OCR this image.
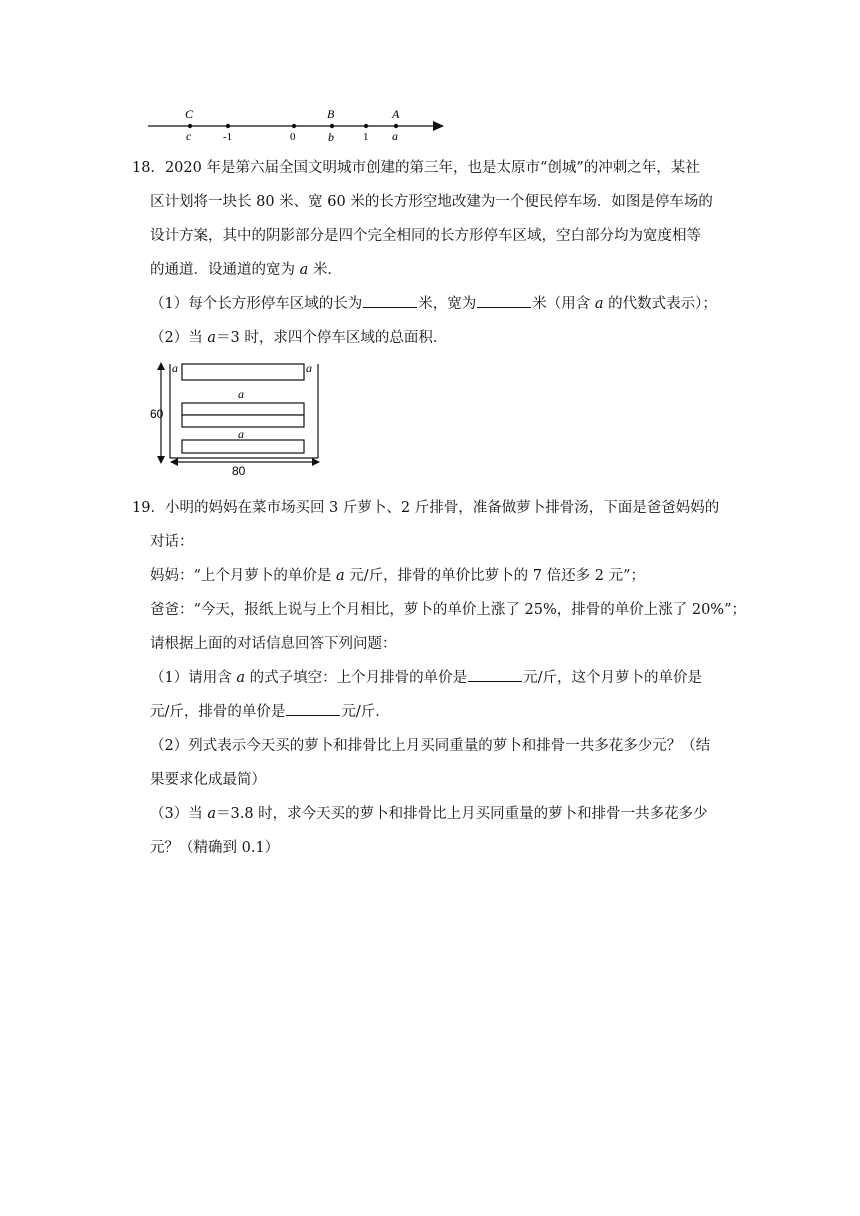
C	B	A
c	-1	0	b	1 a
18．2020 年是第六届全国文明城市创建的第三年，也是太原市“创城”的冲刺之年，某社
区计划将一块长 80 米、宽 60 米的长方形空地改建为一个便民停车场．如图是停车场的
设计方案，其中的阴影部分是四个完全相同的长方形停车区域，空白部分均为宽度相等
的通道．设通道的宽为 a 米．
（1）每个长方形停车区域的长为	米，宽为	米（用含 a 的代数式表示）；
（2）当 a＝3 时，求四个停车区域的总面积．
a	a
a
a
60
80
19．小明的妈妈在菜市场买回 3 斤萝卜、2 斤排骨，准备做萝卜排骨汤，下面是爸爸妈妈的
对话：
妈妈：“上个月萝卜的单价是 a 元/斤，排骨的单价比萝卜的 7 倍还多 2 元”；
爸爸：“今天，报纸上说与上个月相比，萝卜的单价上涨了 25%，排骨的单价上涨了 20%”；
请根据上面的对话信息回答下列问题：
（1）请用含 a 的式子填空：上个月排骨的单价是	元/斤，这个月萝卜的单价是
元/斤，排骨的单价是	元/斤．
（2）列式表示今天买的萝卜和排骨比上月买同重量的萝卜和排骨一共多花多少元？（结
果要求化成最简）
（3）当 a＝3.8 时，求今天买的萝卜和排骨比上月买同重量的萝卜和排骨一共多花多少
元？（精确到 0.1）
